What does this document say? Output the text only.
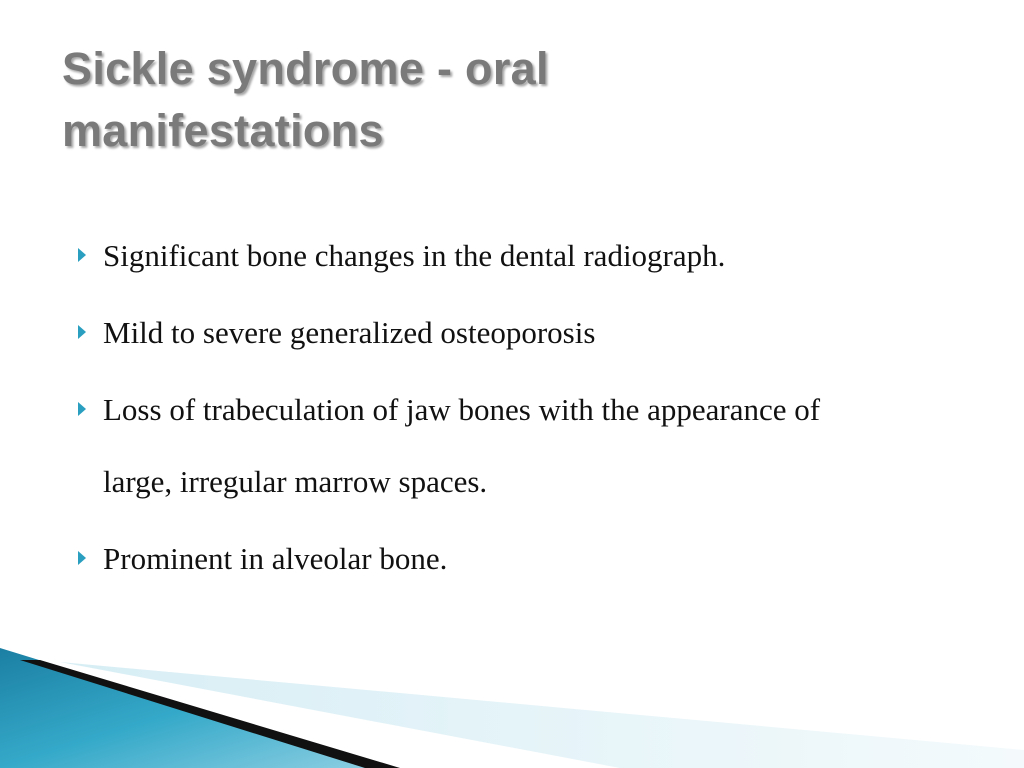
Sickle syndrome - oral
manifestations
Significant bone changes in the dental radiograph.
Mild to severe generalized osteoporosis
Loss of trabeculation of jaw bones with the appearance of large, irregular marrow spaces.
Prominent in alveolar bone.
